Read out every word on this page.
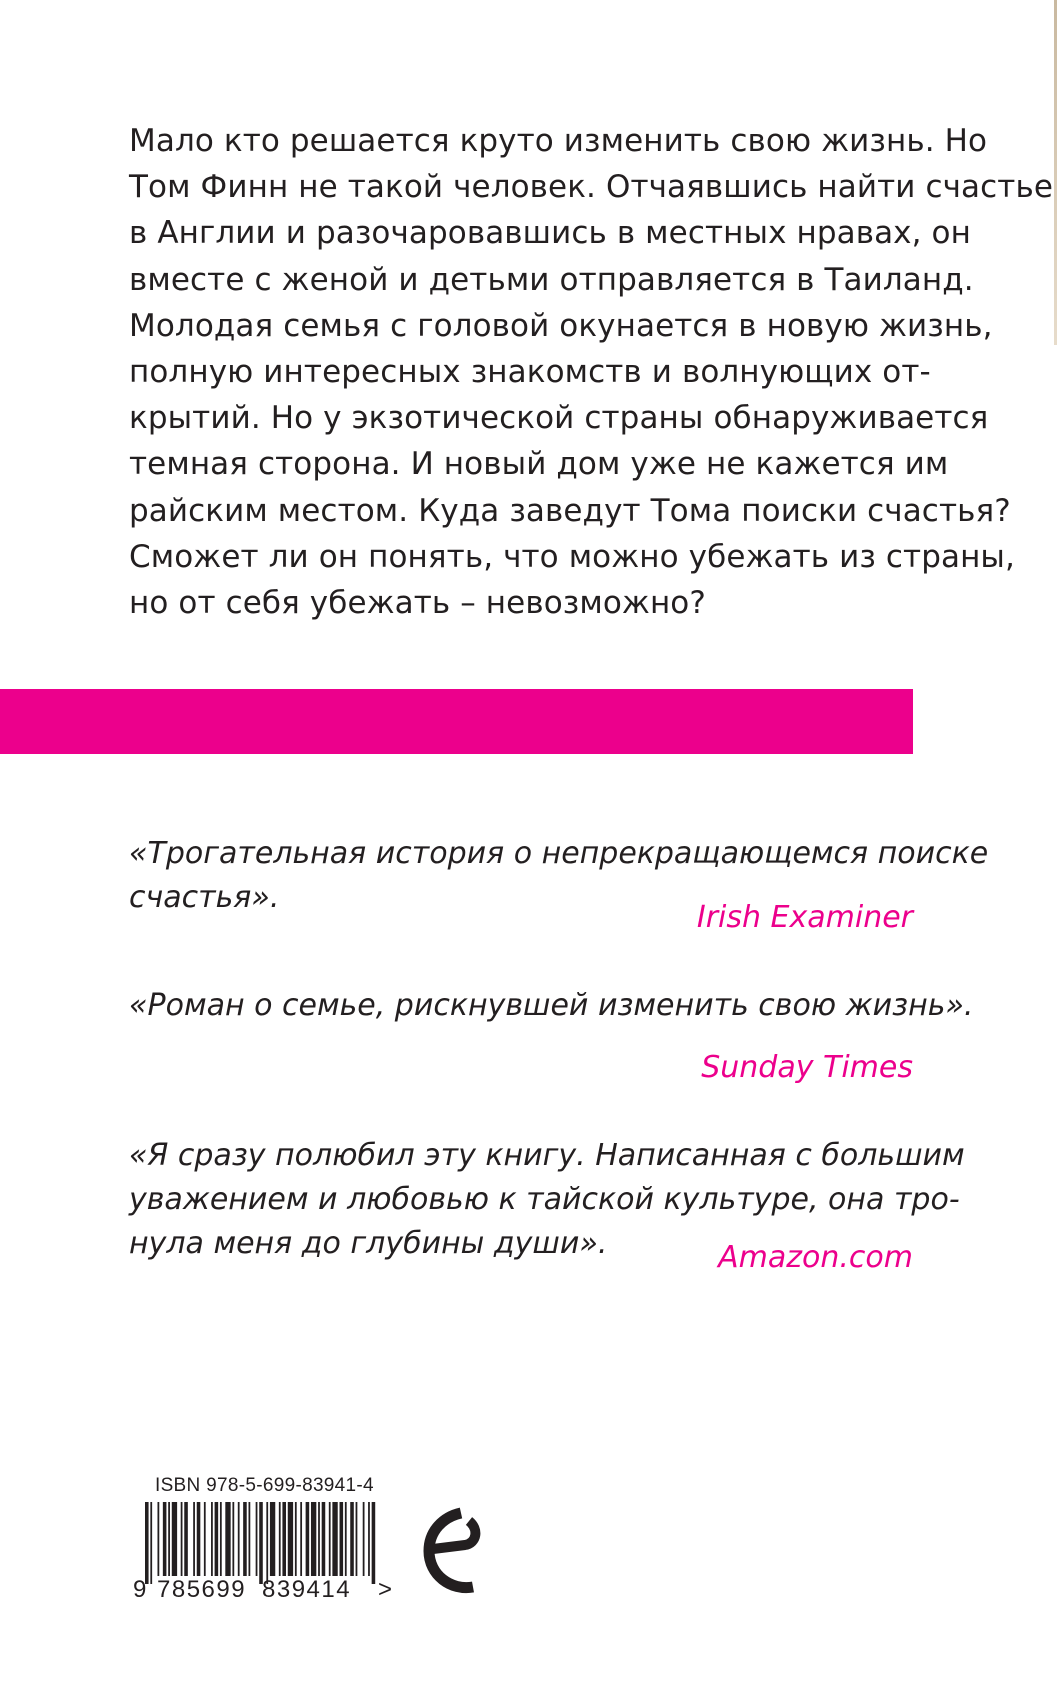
Мало кто решается круто изменить свою жизнь. Но
Том Финн не такой человек. Отчаявшись найти счастье
в Англии и разочаровавшись в местных нравах, он
вместе с женой и детьми отправляется в Таиланд.
Молодая семья с головой окунается в новую жизнь,
полную интересных знакомств и волнующих от-
крытий. Но у экзотической страны обнаруживается
темная сторона. И новый дом уже не кажется им
райским местом. Куда заведут Тома поиски счастья?
Сможет ли он понять, что можно убежать из страны,
но от себя убежать – невозможно?
«Трогательная история о непрекращающемся поиске
счастья».
Irish Examiner
«Роман о семье, рискнувшей изменить свою жизнь».
Sunday Times
«Я сразу полюбил эту книгу. Написанная с большим
уважением и любовью к тайской культуре, она тро-
нула меня до глубины души».	Amazon.com
ISBN 978-5-699-83941-4
9 785699 839414 >
